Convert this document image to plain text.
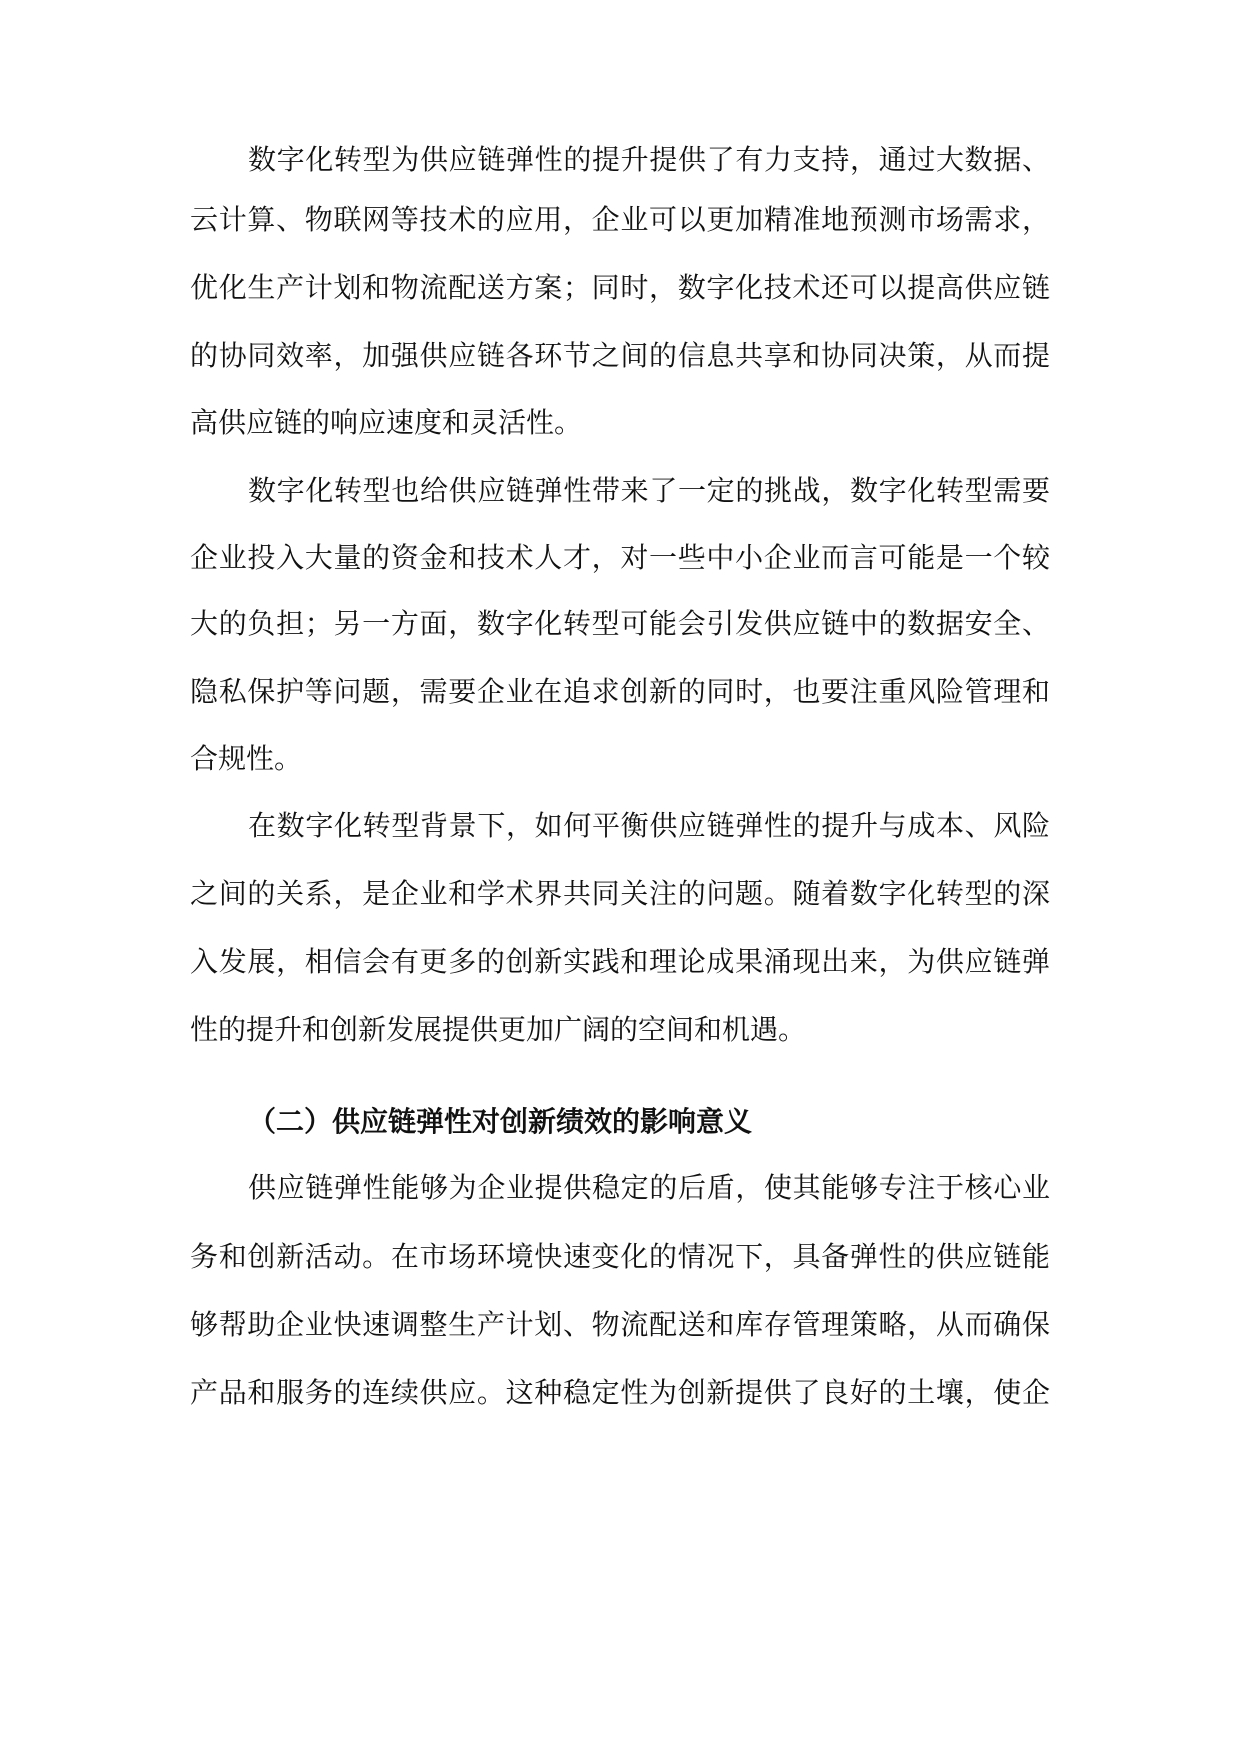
数字化转型为供应链弹性的提升提供了有力支持，通过大数据、
云计算、物联网等技术的应用，企业可以更加精准地预测市场需求，
优化生产计划和物流配送方案；同时，数字化技术还可以提高供应链
的协同效率，加强供应链各环节之间的信息共享和协同决策，从而提
高供应链的响应速度和灵活性。
数字化转型也给供应链弹性带来了一定的挑战，数字化转型需要
企业投入大量的资金和技术人才，对一些中小企业而言可能是一个较
大的负担；另一方面，数字化转型可能会引发供应链中的数据安全、
隐私保护等问题，需要企业在追求创新的同时，也要注重风险管理和
合规性。
在数字化转型背景下，如何平衡供应链弹性的提升与成本、风险
之间的关系，是企业和学术界共同关注的问题。随着数字化转型的深
入发展，相信会有更多的创新实践和理论成果涌现出来，为供应链弹
性的提升和创新发展提供更加广阔的空间和机遇。
（二）供应链弹性对创新绩效的影响意义
供应链弹性能够为企业提供稳定的后盾，使其能够专注于核心业
务和创新活动。在市场环境快速变化的情况下，具备弹性的供应链能
够帮助企业快速调整生产计划、物流配送和库存管理策略，从而确保
产品和服务的连续供应。这种稳定性为创新提供了良好的土壤，使企
